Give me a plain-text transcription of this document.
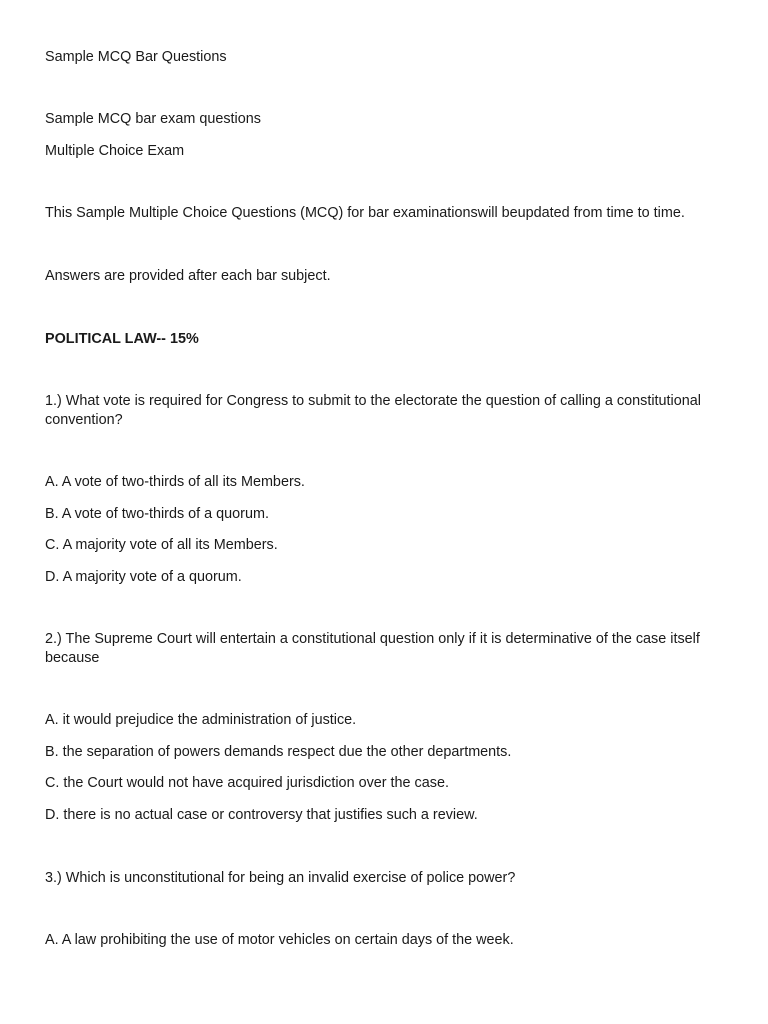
Sample MCQ Bar Questions
Sample MCQ bar exam questions
Multiple Choice Exam
This Sample Multiple Choice Questions (MCQ) for bar examinationswill beupdated from time to time.
Answers are provided after each bar subject.
POLITICAL LAW-- 15%
1.) What vote is required for Congress to submit to the electorate the question of calling a constitutional convention?
A. A vote of two-thirds of all its Members.
B. A vote of two-thirds of a quorum.
C. A majority vote of all its Members.
D. A majority vote of a quorum.
2.) The Supreme Court will entertain a constitutional question only if it is determinative of the case itself because
A. it would prejudice the administration of justice.
B. the separation of powers demands respect due the other departments.
C. the Court would not have acquired jurisdiction over the case.
D. there is no actual case or controversy that justifies such a review.
3.) Which is unconstitutional for being an invalid exercise of police power?
A. A law prohibiting the use of motor vehicles on certain days of the week.
